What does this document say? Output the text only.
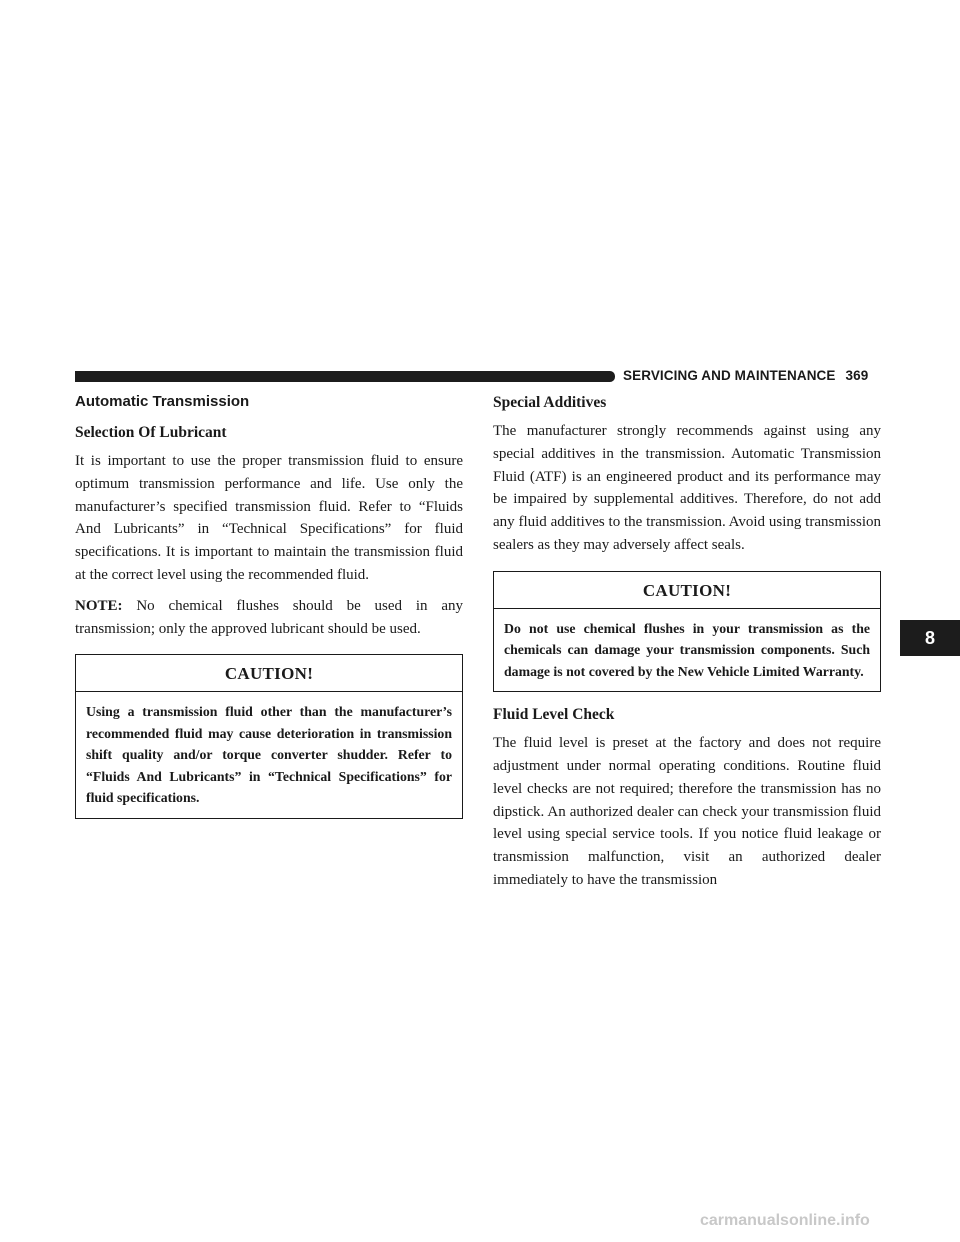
SERVICING AND MAINTENANCE 369
Automatic Transmission
Selection Of Lubricant

It is important to use the proper transmission fluid to ensure optimum transmission performance and life. Use only the manufacturer’s specified transmission fluid. Refer to “Fluids And Lubricants” in “Technical Specifications” for fluid specifications. It is important to maintain the transmission fluid at the correct level using the recommended fluid.

NOTE: No chemical flushes should be used in any transmission; only the approved lubricant should be used.

CAUTION!
Using a transmission fluid other than the manufacturer’s recommended fluid may cause deterioration in transmission shift quality and/or torque converter shudder. Refer to “Fluids And Lubricants” in “Technical Specifications” for fluid specifications.
Special Additives

The manufacturer strongly recommends against using any special additives in the transmission. Automatic Transmission Fluid (ATF) is an engineered product and its performance may be impaired by supplemental additives. Therefore, do not add any fluid additives to the transmission. Avoid using transmission sealers as they may adversely affect seals.

CAUTION!
Do not use chemical flushes in your transmission as the chemicals can damage your transmission components. Such damage is not covered by the New Vehicle Limited Warranty.
Fluid Level Check

The fluid level is preset at the factory and does not require adjustment under normal operating conditions. Routine fluid level checks are not required; therefore the transmission has no dipstick. An authorized dealer can check your transmission fluid level using special service tools. If you notice fluid leakage or transmission malfunction, visit an authorized dealer immediately to have the transmission

8
carmanualsonline.info
